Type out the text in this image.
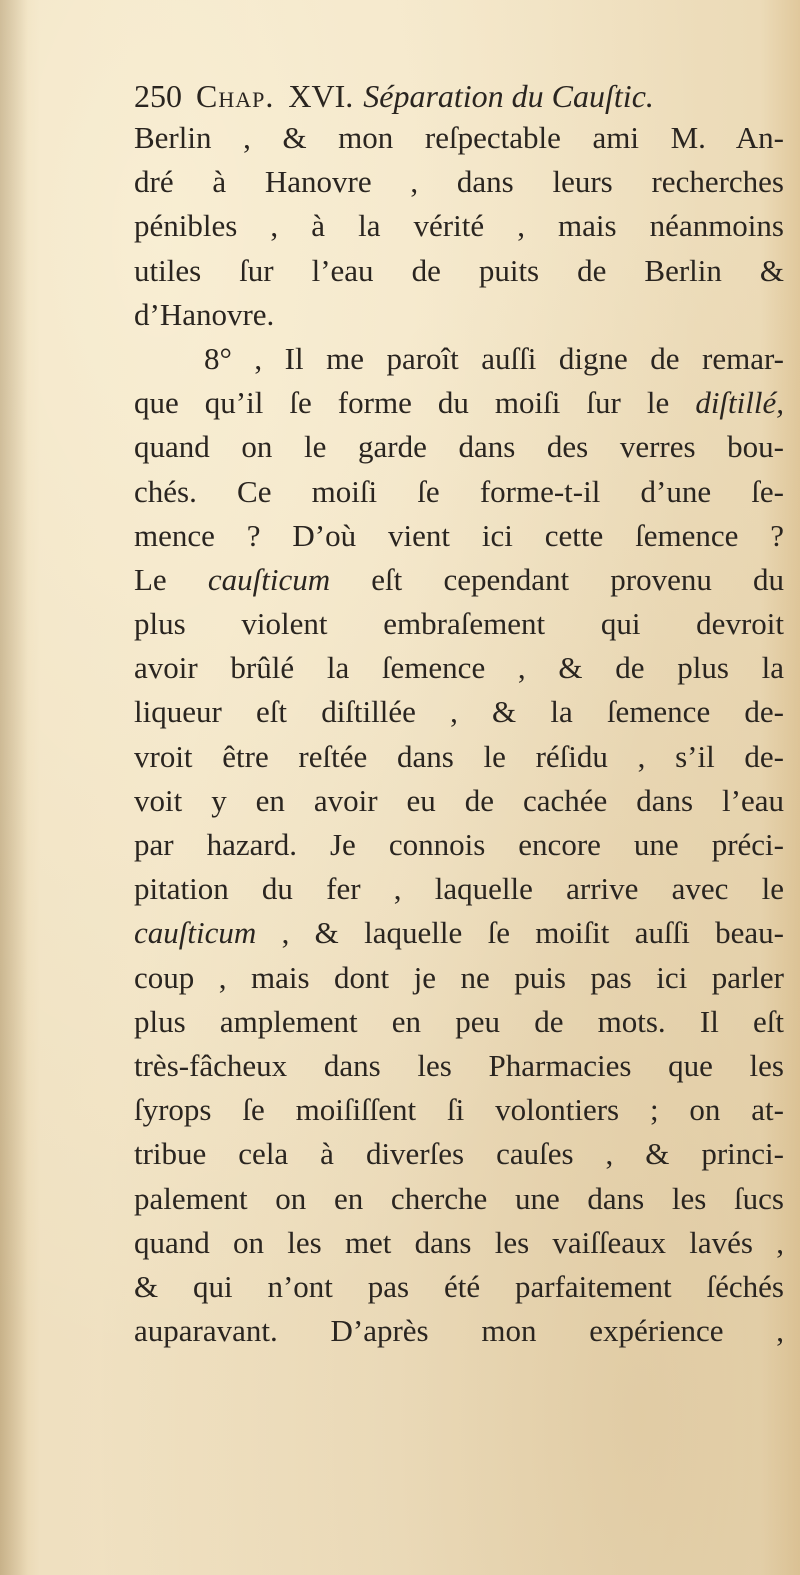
250 Chap. XVI. Séparation du Cauſtic.
Berlin , & mon reſpectable ami M. An-
dré à Hanovre , dans leurs recherches
pénibles , à la vérité , mais néanmoins
utiles ſur l’eau de puits de Berlin &
d’Hanovre.
8° , Il me paroît auſſi digne de remar-
que qu’il ſe forme du moiſi ſur le diſtillé,
quand on le garde dans des verres bou-
chés. Ce moiſi ſe forme-t-il d’une ſe-
mence ? D’où vient ici cette ſemence ?
Le cauſticum eſt cependant provenu du
plus violent embraſement qui devroit
avoir brûlé la ſemence , & de plus la
liqueur eſt diſtillée , & la ſemence de-
vroit être reſtée dans le réſidu , s’il de-
voit y en avoir eu de cachée dans l’eau
par hazard. Je connois encore une préci-
pitation du fer , laquelle arrive avec le
cauſticum , & laquelle ſe moiſit auſſi beau-
coup , mais dont je ne puis pas ici parler
plus amplement en peu de mots. Il eſt
très-fâcheux dans les Pharmacies que les
ſyrops ſe moiſiſſent ſi volontiers ; on at-
tribue cela à diverſes cauſes , & princi-
palement on en cherche une dans les ſucs
quand on les met dans les vaiſſeaux lavés ,
& qui n’ont pas été parfaitement ſéchés
auparavant. D’après mon expérience ,
